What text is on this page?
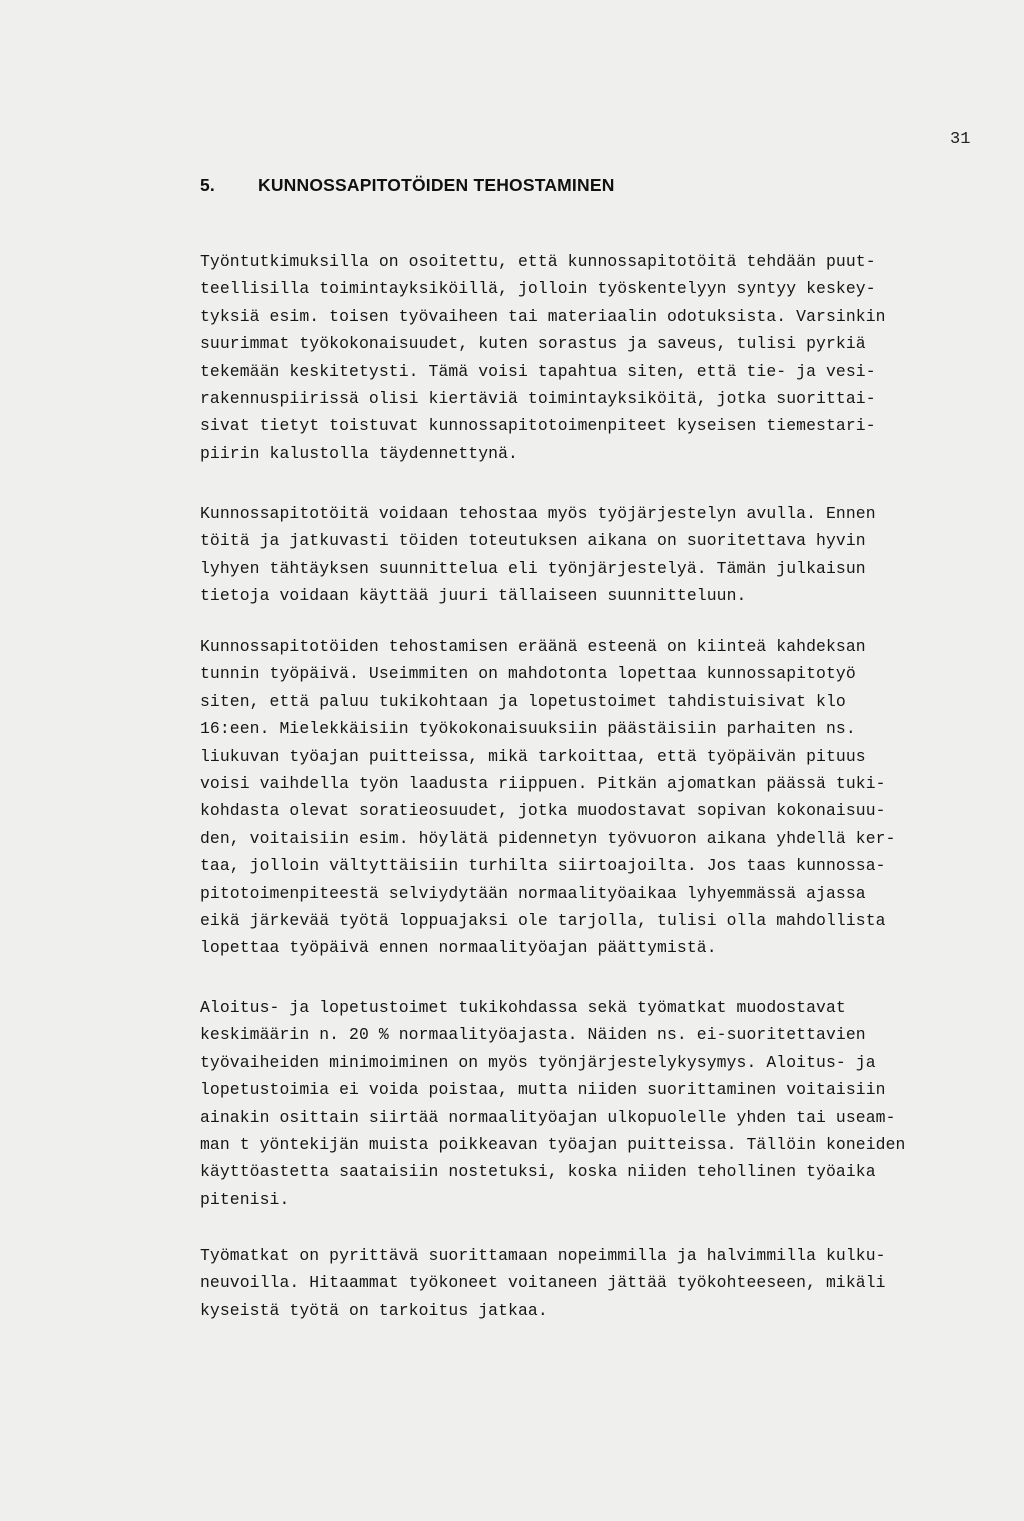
31
5. KUNNOSSAPITOTÖIDEN TEHOSTAMINEN
Työntutkimuksilla on osoitettu, että kunnossapitotöitä tehdään puut-
teellisilla toimintayksiköillä, jolloin työskentelyyn syntyy keskey-
tyksiä esim. toisen työvaiheen tai materiaalin odotuksista. Varsinkin
suurimmat työkokonaisuudet, kuten sorastus ja saveus, tulisi pyrkiä
tekemään keskitetysti. Tämä voisi tapahtua siten, että tie- ja vesi-
rakennuspiirissä olisi kiertäviä toimintayksiköitä, jotka suorittai-
sivat tietyt toistuvat kunnossapitotoimenpiteet kyseisen tiemestari-
piirin kalustolla täydennettynä.
Kunnossapitotöitä voidaan tehostaa myös työjärjestelyn avulla. Ennen
töitä ja jatkuvasti töiden toteutuksen aikana on suoritettava hyvin
lyhyen tähtäyksen suunnittelua eli työnjärjestelyä. Tämän julkaisun
tietoja voidaan käyttää juuri tällaiseen suunnitteluun.
Kunnossapitotöiden tehostamisen eräänä esteenä on kiinteä kahdeksan
tunnin työpäivä. Useimmiten on mahdotonta lopettaa kunnossapitotyö
siten, että paluu tukikohtaan ja lopetustoimet tahdistuisivat klo
16:een. Mielekkäisiin työkokonaisuuksiin päästäisiin parhaiten ns.
liukuvan työajan puitteissa, mikä tarkoittaa, että työpäivän pituus
voisi vaihdella työn laadusta riippuen. Pitkän ajomatkan päässä tuki-
kohdasta olevat soratieosuudet, jotka muodostavat sopivan kokonaisuu-
den, voitaisiin esim. höylätä pidennetyn työvuoron aikana yhdellä ker-
taa, jolloin vältyttäisiin turhilta siirtoajoilta. Jos taas kunnossa-
pitotoimenpiteestä selviydytään normaalityöaikaa lyhyemmässä ajassa
eikä järkevää työtä loppuajaksi ole tarjolla, tulisi olla mahdollista
lopettaa työpäivä ennen normaalityöajan päättymistä.
Aloitus- ja lopetustoimet tukikohdassa sekä työmatkat muodostavat
keskimäärin n. 20 % normaalityöajasta. Näiden ns. ei-suoritettavien
työvaiheiden minimoiminen on myös työnjärjestelykysymys. Aloitus- ja
lopetustoimia ei voida poistaa, mutta niiden suorittaminen voitaisiin
ainakin osittain siirtää normaalityöajan ulkopuolelle yhden tai useam-
man t yöntekijän muista poikkeavan työajan puitteissa. Tällöin koneiden
käyttöastetta saataisiin nostetuksi, koska niiden tehollinen työaika
pitenisi.
Työmatkat on pyrittävä suorittamaan nopeimmilla ja halvimmilla kulku-
neuvoilla. Hitaammat työkoneet voitaneen jättää työkohteeseen, mikäli
kyseistä työtä on tarkoitus jatkaa.
